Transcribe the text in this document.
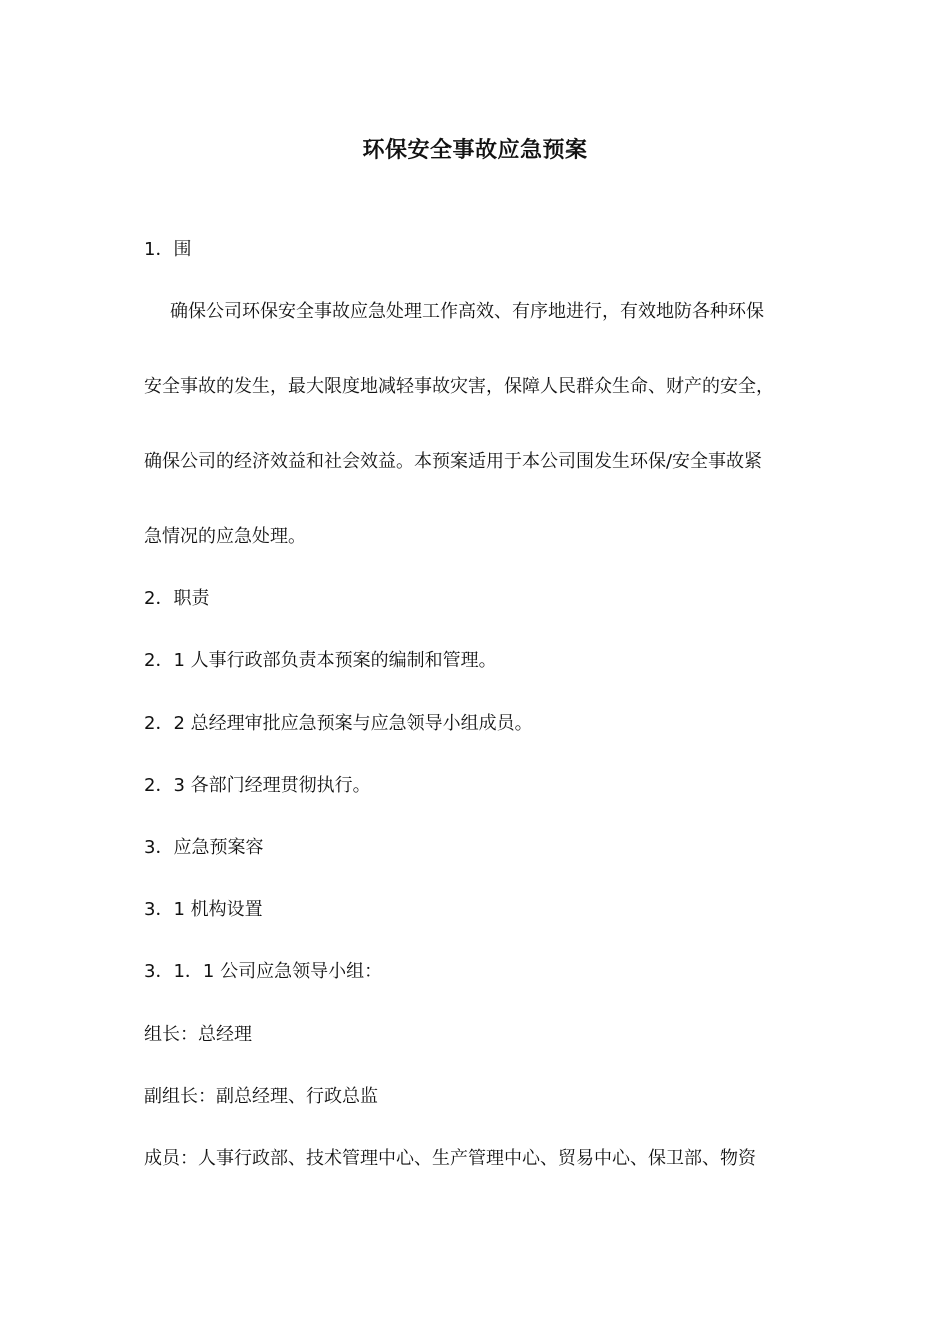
环保安全事故应急预案
1．围
确保公司环保安全事故应急处理工作高效、有序地进行，有效地防各种环保
安全事故的发生，最大限度地减轻事故灾害，保障人民群众生命、财产的安全，
确保公司的经济效益和社会效益。本预案适用于本公司围发生环保/安全事故紧
急情况的应急处理。
2．职责
2．1 人事行政部负责本预案的编制和管理。
2．2 总经理审批应急预案与应急领导小组成员。
2．3 各部门经理贯彻执行。
3．应急预案容
3．1 机构设置
3．1．1 公司应急领导小组：
组长：总经理
副组长：副总经理、行政总监
成员：人事行政部、技术管理中心、生产管理中心、贸易中心、保卫部、物资
